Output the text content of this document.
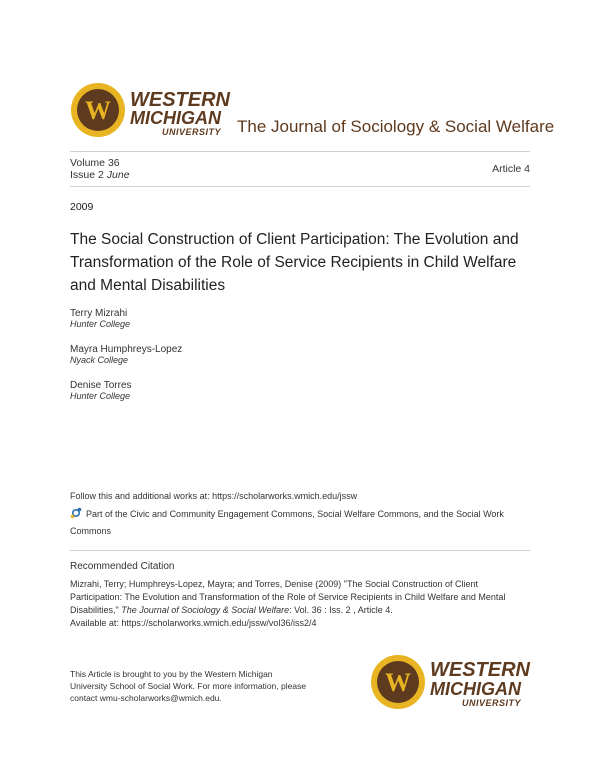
W WESTERN
MICHIGAN
UNIVERSITY The Journal of Sociology & Social Welfare
Volume 36
Issue 2 June	Article 4
2009
The Social Construction of Client Participation: The Evolution and Transformation of the Role of Service Recipients in Child Welfare and Mental Disabilities
Terry Mizrahi
Hunter College
Mayra Humphreys-Lopez
Nyack College
Denise Torres
Hunter College
Follow this and additional works at: https://scholarworks.wmich.edu/jssw
Part of the Civic and Community Engagement Commons, Social Welfare Commons, and the Social Work Commons
Recommended Citation
Mizrahi, Terry; Humphreys-Lopez, Mayra; and Torres, Denise (2009) "The Social Construction of Client Participation: The Evolution and Transformation of the Role of Service Recipients in Child Welfare and Mental Disabilities," The Journal of Sociology & Social Welfare: Vol. 36 : Iss. 2 , Article 4.
Available at: https://scholarworks.wmich.edu/jssw/vol36/iss2/4
This Article is brought to you by the Western Michigan University School of Social Work. For more information, please contact wmu-scholarworks@wmich.edu.
W WESTERN
MICHIGAN
UNIVERSITY
